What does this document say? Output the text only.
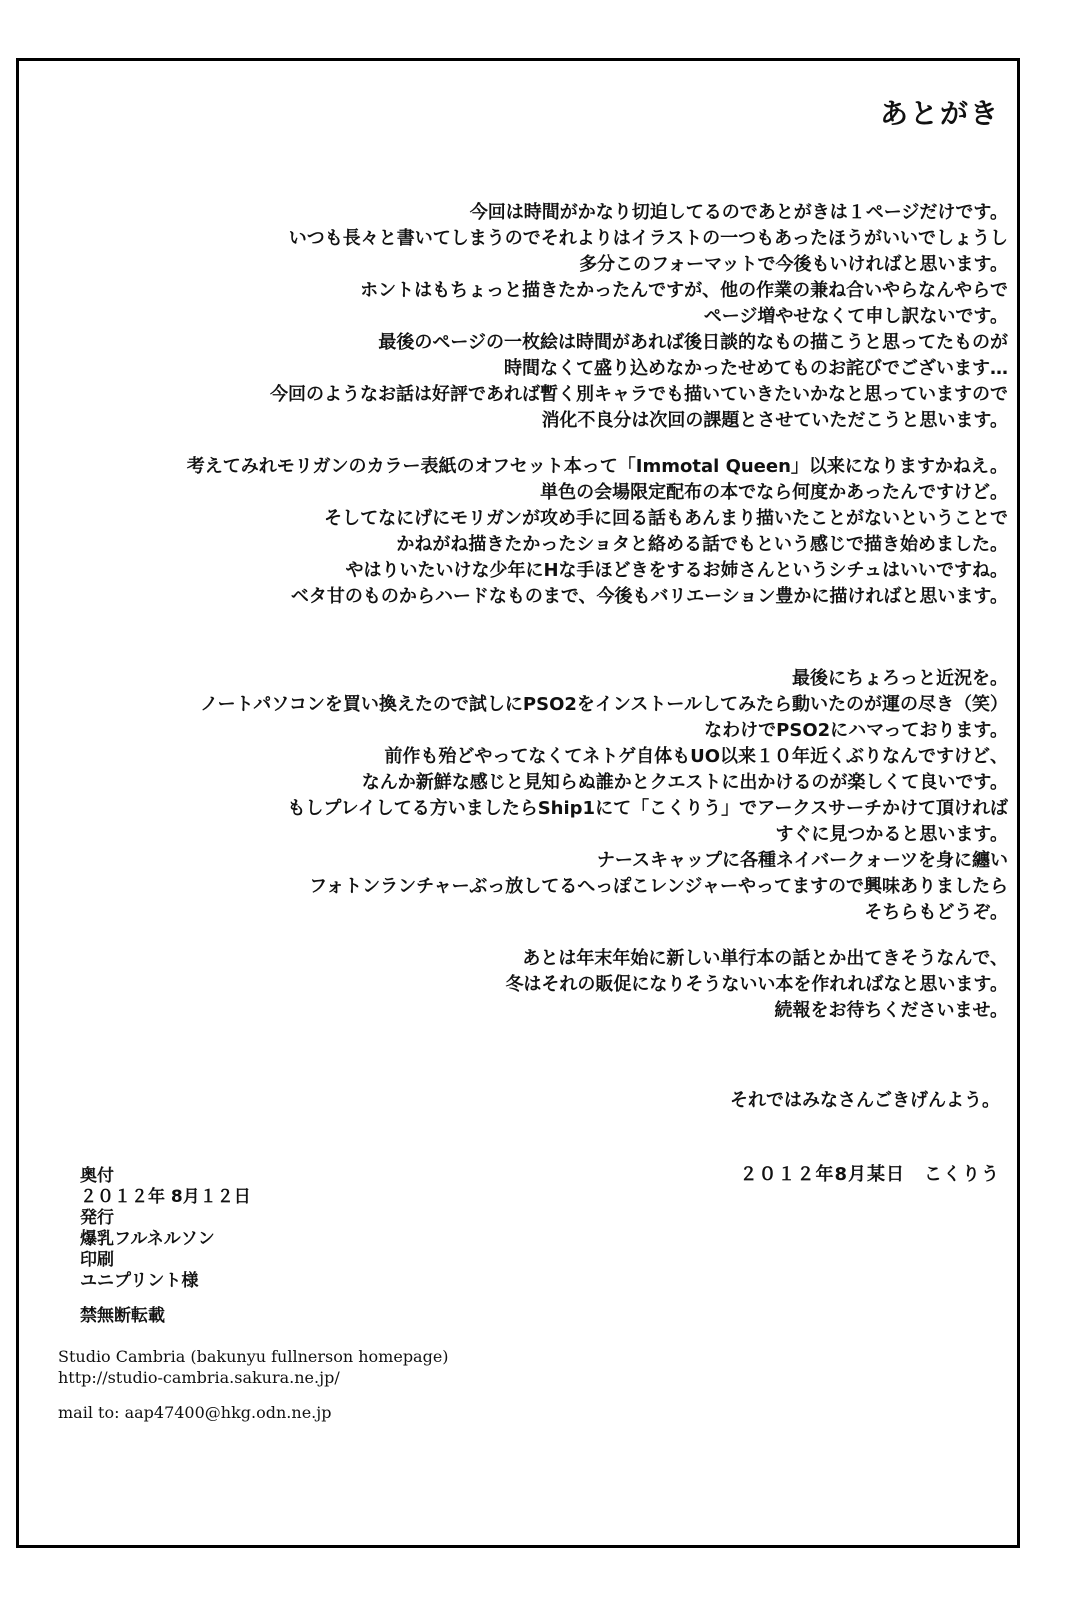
あとがき
今回は時間がかなり切迫してるのであとがきは１ページだけです。
いつも長々と書いてしまうのでそれよりはイラストの一つもあったほうがいいでしょうし
多分このフォーマットで今後もいければと思います。
ホントはもちょっと描きたかったんですが、他の作業の兼ね合いやらなんやらで
ページ増やせなくて申し訳ないです。
最後のページの一枚絵は時間があれば後日談的なもの描こうと思ってたものが
時間なくて盛り込めなかったせめてものお詫びでございます…
今回のようなお話は好評であれば暫く別キャラでも描いていきたいかなと思っていますので
消化不良分は次回の課題とさせていただこうと思います。
考えてみれモリガンのカラー表紙のオフセット本って「Immotal Queen」以来になりますかねえ。
単色の会場限定配布の本でなら何度かあったんですけど。
そしてなにげにモリガンが攻め手に回る話もあんまり描いたことがないということで
かねがね描きたかったショタと絡める話でもという感じで描き始めました。
やはりいたいけな少年にHな手ほどきをするお姉さんというシチュはいいですね。
ベタ甘のものからハードなものまで、今後もバリエーション豊かに描ければと思います。
最後にちょろっと近況を。
ノートパソコンを買い換えたので試しにPSO2をインストールしてみたら動いたのが運の尽き（笑）
なわけでPSO2にハマっております。
前作も殆どやってなくてネトゲ自体もUO以来１０年近くぶりなんですけど、
なんか新鮮な感じと見知らぬ誰かとクエストに出かけるのが楽しくて良いです。
もしプレイしてる方いましたらShip1にて「こくりう」でアークスサーチかけて頂ければ
すぐに見つかると思います。
ナースキャップに各種ネイバークォーツを身に纏い
フォトンランチャーぶっ放してるへっぽこレンジャーやってますので興味ありましたら
そちらもどうぞ。
あとは年末年始に新しい単行本の話とか出てきそうなんで、
冬はそれの販促になりそうないい本を作れればなと思います。
続報をお待ちくださいませ。
それではみなさんごきげんよう。
２０１２年8月某日　こくりう
奥付
２０１２年 8月１２日
発行
爆乳フルネルソン
印刷
ユニプリント様
禁無断転載
Studio Cambria (bakunyu fullnerson homepage)
http://studio-cambria.sakura.ne.jp/
mail to: aap47400@hkg.odn.ne.jp
